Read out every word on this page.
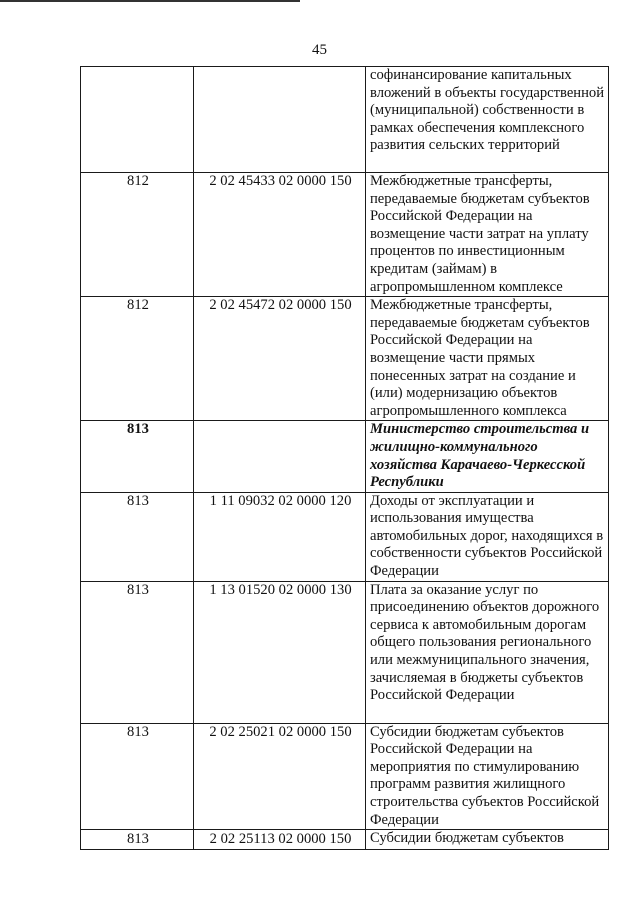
45
		софинансирование капитальных вложений в объекты государственной (муниципальной) собственности в рамках обеспечения комплексного развития сельских территорий
812	2 02 45433 02 0000 150	Межбюджетные трансферты, передаваемые бюджетам субъектов Российской Федерации на возмещение части затрат на уплату процентов по инвестиционным кредитам (займам) в агропромышленном комплексе
812	2 02 45472 02 0000 150	Межбюджетные трансферты, передаваемые бюджетам субъектов Российской Федерации на возмещение части прямых понесенных затрат на создание и (или) модернизацию объектов агропромышленного комплекса
813		Министерство строительства и жилищно-коммунального хозяйства Карачаево-Черкесской Республики
813	1 11 09032 02 0000 120	Доходы от эксплуатации и использования имущества автомобильных дорог, находящихся в собственности субъектов Российской Федерации
813	1 13 01520 02 0000 130	Плата за оказание услуг по присоединению объектов дорожного сервиса к автомобильным дорогам общего пользования регионального или межмуниципального значения, зачисляемая в бюджеты субъектов Российской Федерации
813	2 02 25021 02 0000 150	Субсидии бюджетам субъектов Российской Федерации на мероприятия по стимулированию программ развития жилищного строительства субъектов Российской Федерации
813	2 02 25113 02 0000 150	Субсидии бюджетам субъектов
